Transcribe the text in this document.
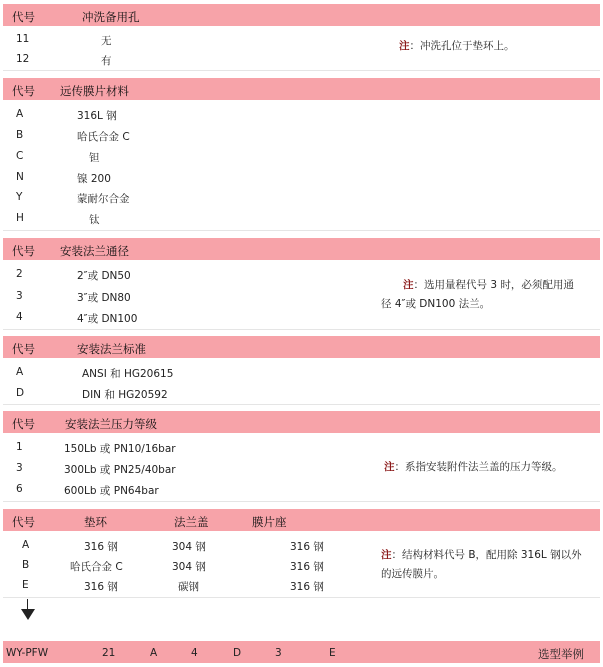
代号	冲洗备用孔
11	无
12	有
注：冲洗孔位于垫环上。
代号 远传膜片材料
A	316L 钢
B	哈氏合金 C
C	钽
N	镍 200
Y	蒙耐尔合金
H	钛
代号 安装法兰通径
2	2″或 DN50
3	3″或 DN80
4	4″或 DN100
注：选用量程代号 3 时，必须配用通
径 4″或 DN100 法兰。
代号	安装法兰标准
A	ANSI 和 HG20615
D	DIN 和 HG20592
代号	安装法兰压力等级
1	150Lb 或 PN10/16bar
3	300Lb 或 PN25/40bar
6	600Lb 或 PN64bar
注：系指安装附件法兰盖的压力等级。
代号	垫环	法兰盖	膜片座
A	316 钢	304 钢	316 钢
B	哈氏合金 C	304 钢	316 钢
E	316 钢	碳钢	316 钢
注：结构材料代号 B，配用除 316L 钢以外
的远传膜片。
WY-PFW	21	A	4	D	3	E	选型举例
